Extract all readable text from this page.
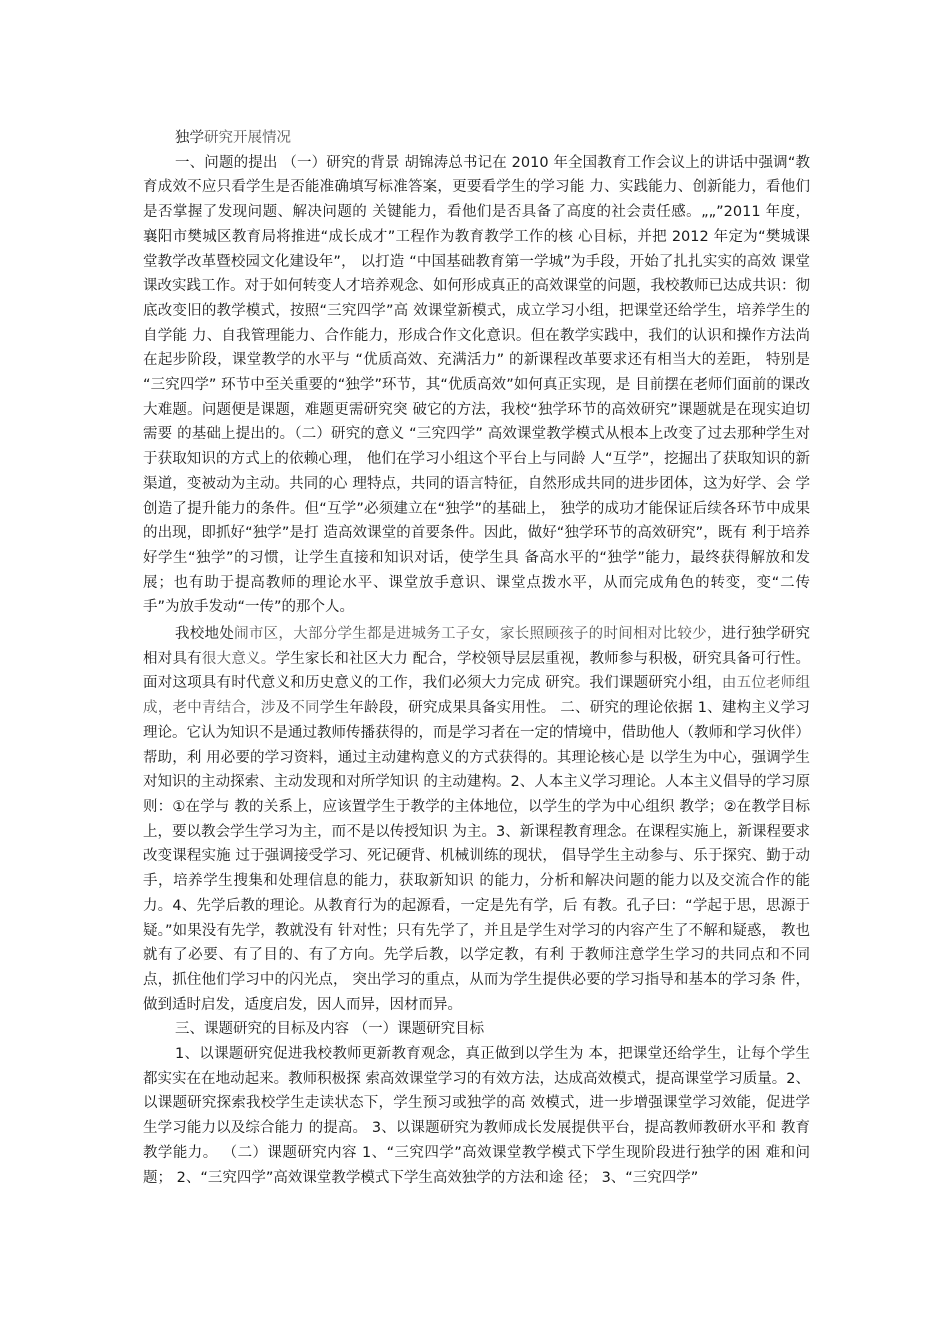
独学研究开展情况

一、问题的提出 （一）研究的背景 胡锦涛总书记在 2010 年全国教育工作会议上的讲话中强调“教 育成效不应只看学生是否能准确填写标准答案，更要看学生的学习能 力、实践能力、创新能力，看他们是否掌握了发现问题、解决问题的 关键能力，看他们是否具备了高度的社会责任感。„„”2011 年度， 襄阳市樊城区教育局将推进“成长成才”工程作为教育教学工作的核 心目标，并把 2012 年定为“樊城课堂教学改革暨校园文化建设年”， 以打造 “中国基础教育第一学城”为手段，开始了扎扎实实的高效 课堂课改实践工作。对于如何转变人才培养观念、如何形成真正的高效课堂的问题，我校教师已达成共识：彻底改变旧的教学模式，按照“三究四学”高 效课堂新模式，成立学习小组，把课堂还给学生，培养学生的自学能 力、自我管理能力、合作能力，形成合作文化意识。但在教学实践中，我们的认识和操作方法尚在起步阶段，课堂教学的水平与 “优质高效、充满活力” 的新课程改革要求还有相当大的差距， 特别是 “三究四学” 环节中至关重要的“独学”环节，其“优质高效”如何真正实现，是 目前摆在老师们面前的课改大难题。问题便是课题，难题更需研究突 破它的方法，我校“独学环节的高效研究”课题就是在现实迫切需要 的基础上提出的。（二）研究的意义 “三究四学” 高效课堂教学模式从根本上改变了过去那种学生对 于获取知识的方式上的依赖心理， 他们在学习小组这个平台上与同龄 人“互学”，挖掘出了获取知识的新渠道，变被动为主动。共同的心 理特点，共同的语言特征，自然形成共同的进步团体，这为好学、会 学创造了提升能力的条件。但“互学”必须建立在“独学”的基础上， 独学的成功才能保证后续各环节中成果的出现，即抓好“独学”是打 造高效课堂的首要条件。因此，做好“独学环节的高效研究”，既有 利于培养好学生“独学”的习惯，让学生直接和知识对话，使学生具 备高水平的“独学”能力，最终获得解放和发展；也有助于提高教师的理论水平、课堂放手意识、课堂点拨水平，从而完成角色的转变，变“二传手”为放手发动“一传”的那个人。

我校地处闹市区，大部分学生都是进城务工子女，家长照顾孩子的时间相对比较少，进行独学研究相对具有很大意义。学生家长和社区大力 配合，学校领导层层重视，教师参与积极，研究具备可行性。 面对这项具有时代意义和历史意义的工作，我们必须大力完成 研究。我们课题研究小组，由五位老师组成，老中青结合，涉及不同学生年龄段，研究成果具备实用性。 二、研究的理论依据 1、建构主义学习理论。它认为知识不是通过教师传播获得的，而是学习者在一定的情境中，借助他人（教师和学习伙伴）帮助，利 用必要的学习资料，通过主动建构意义的方式获得的。其理论核心是 以学生为中心，强调学生对知识的主动探索、主动发现和对所学知识 的主动建构。2、人本主义学习理论。人本主义倡导的学习原则：①在学与 教的关系上，应该置学生于教学的主体地位，以学生的学为中心组织 教学；②在教学目标上，要以教会学生学习为主，而不是以传授知识 为主。3、新课程教育理念。在课程实施上，新课程要求改变课程实施 过于强调接受学习、死记硬背、机械训练的现状， 倡导学生主动参与、乐于探究、勤于动手，培养学生搜集和处理信息的能力，获取新知识 的能力，分析和解决问题的能力以及交流合作的能力。4、先学后教的理论。从教育行为的起源看，一定是先有学，后 有教。孔子曰：“学起于思，思源于疑。”如果没有先学，教就没有 针对性；只有先学了，并且是学生对学习的内容产生了不解和疑惑， 教也就有了必要、有了目的、有了方向。先学后教，以学定教，有利 于教师注意学生学习的共同点和不同点，抓住他们学习中的闪光点， 突出学习的重点，从而为学生提供必要的学习指导和基本的学习条 件，做到适时启发，适度启发，因人而异，因材而异。

三、课题研究的目标及内容 （一）课题研究目标

1、以课题研究促进我校教师更新教育观念，真正做到以学生为 本，把课堂还给学生，让每个学生都实实在在地动起来。教师积极探 索高效课堂学习的有效方法，达成高效模式，提高课堂学习质量。2、以课题研究探索我校学生走读状态下，学生预习或独学的高 效模式，进一步增强课堂学习效能，促进学生学习能力以及综合能力 的提高。 3、以课题研究为教师成长发展提供平台，提高教师教研水平和 教育教学能力。 （二）课题研究内容 1、“三究四学”高效课堂教学模式下学生现阶段进行独学的困 难和问题； 2、“三究四学”高效课堂教学模式下学生高效独学的方法和途 径； 3、“三究四学”
